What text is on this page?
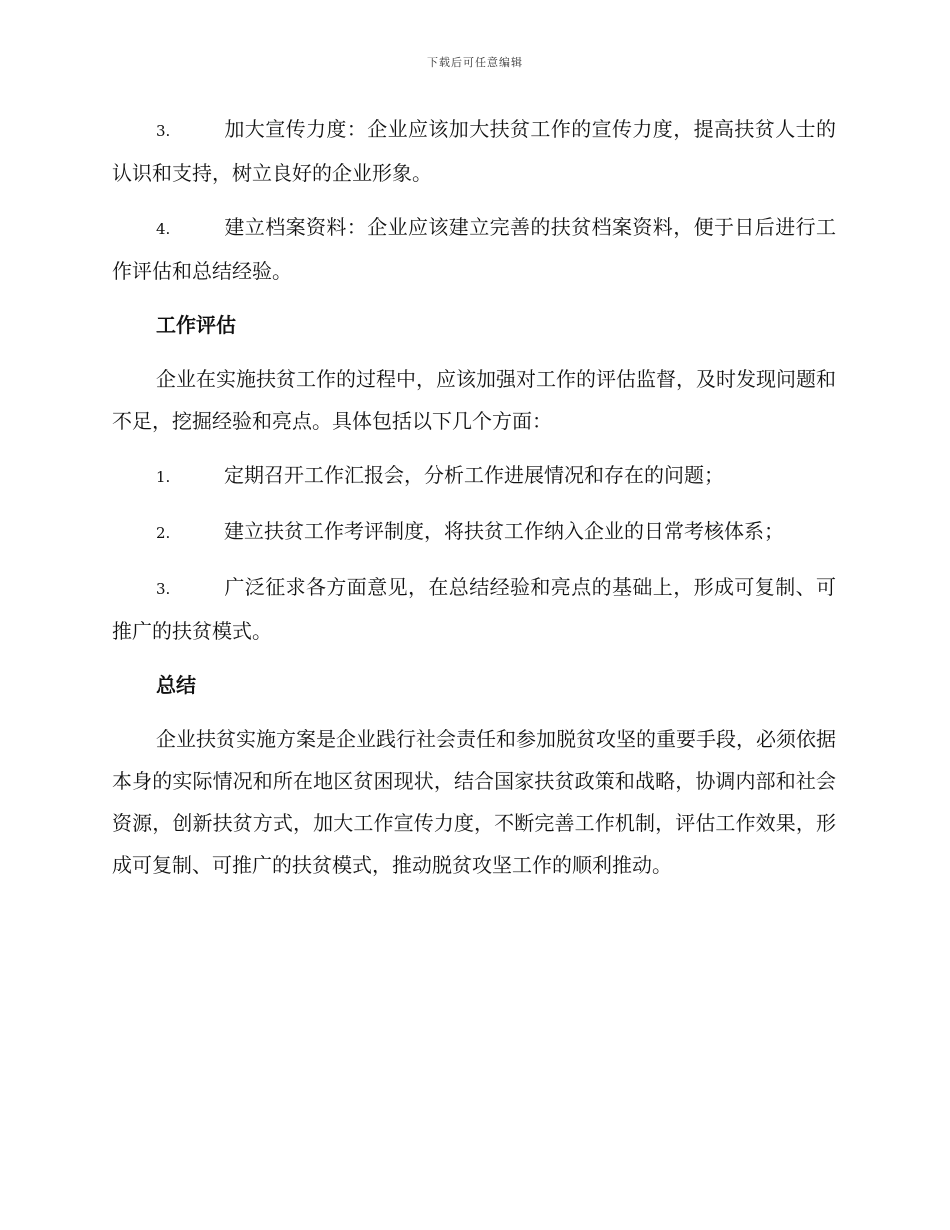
下载后可任意编辑

3.	加大宣传力度：企业应该加大扶贫工作的宣传力度，提高扶贫人士的认识和支持，树立良好的企业形象。

4.	建立档案资料：企业应该建立完善的扶贫档案资料，便于日后进行工作评估和总结经验。

工作评估

企业在实施扶贫工作的过程中，应该加强对工作的评估监督，及时发现问题和不足，挖掘经验和亮点。具体包括以下几个方面：

1.	定期召开工作汇报会，分析工作进展情况和存在的问题；

2.	建立扶贫工作考评制度，将扶贫工作纳入企业的日常考核体系；

3.	广泛征求各方面意见，在总结经验和亮点的基础上，形成可复制、可推广的扶贫模式。

总结

企业扶贫实施方案是企业践行社会责任和参加脱贫攻坚的重要手段，必须依据本身的实际情况和所在地区贫困现状，结合国家扶贫政策和战略，协调内部和社会资源，创新扶贫方式，加大工作宣传力度，不断完善工作机制，评估工作效果，形成可复制、可推广的扶贫模式，推动脱贫攻坚工作的顺利推动。
